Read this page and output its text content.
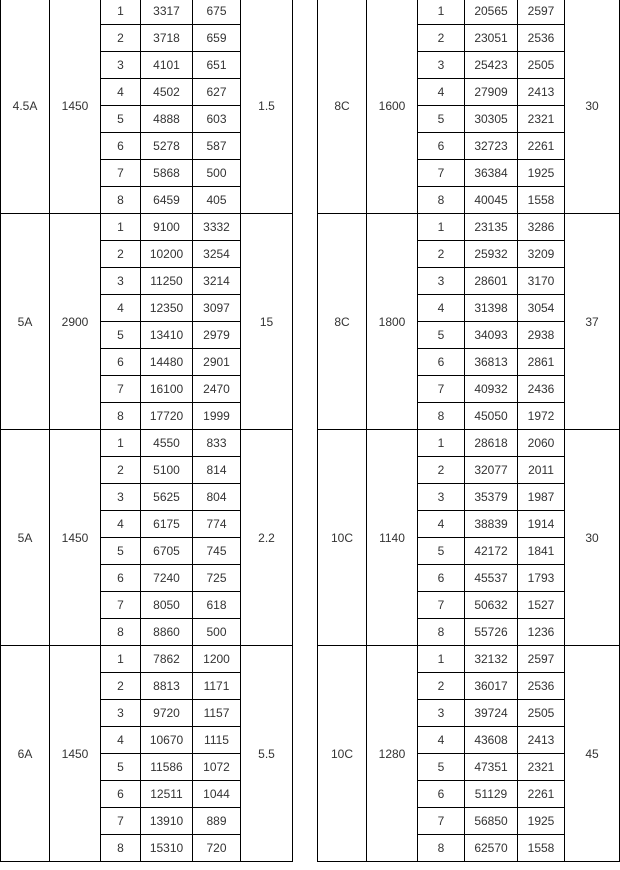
4.5A	1450	1	3317	675	1.5
		2	3718	659	
		3	4101	651	
		4	4502	627	
		5	4888	603	
		6	5278	587	
		7	5868	500	
		8	6459	405	
5A	2900	1	9100	3332	15
		2	10200	3254	
		3	11250	3214	
		4	12350	3097	
		5	13410	2979	
		6	14480	2901	
		7	16100	2470	
		8	17720	1999	
5A	1450	1	4550	833	2.2
		2	5100	814	
		3	5625	804	
		4	6175	774	
		5	6705	745	
		6	7240	725	
		7	8050	618	
		8	8860	500	
6A	1450	1	7862	1200	5.5
		2	8813	1171	
		3	9720	1157	
		4	10670	1115	
		5	11586	1072	
		6	12511	1044	
		7	13910	889	
		8	15310	720	
8C	1600	1	20565	2597	30
		2	23051	2536	
		3	25423	2505	
		4	27909	2413	
		5	30305	2321	
		6	32723	2261	
		7	36384	1925	
		8	40045	1558	
8C	1800	1	23135	3286	37
		2	25932	3209	
		3	28601	3170	
		4	31398	3054	
		5	34093	2938	
		6	36813	2861	
		7	40932	2436	
		8	45050	1972	
10C	1140	1	28618	2060	30
		2	32077	2011	
		3	35379	1987	
		4	38839	1914	
		5	42172	1841	
		6	45537	1793	
		7	50632	1527	
		8	55726	1236	
10C	1280	1	32132	2597	45
		2	36017	2536	
		3	39724	2505	
		4	43608	2413	
		5	47351	2321	
		6	51129	2261	
		7	56850	1925	
		8	62570	1558	
